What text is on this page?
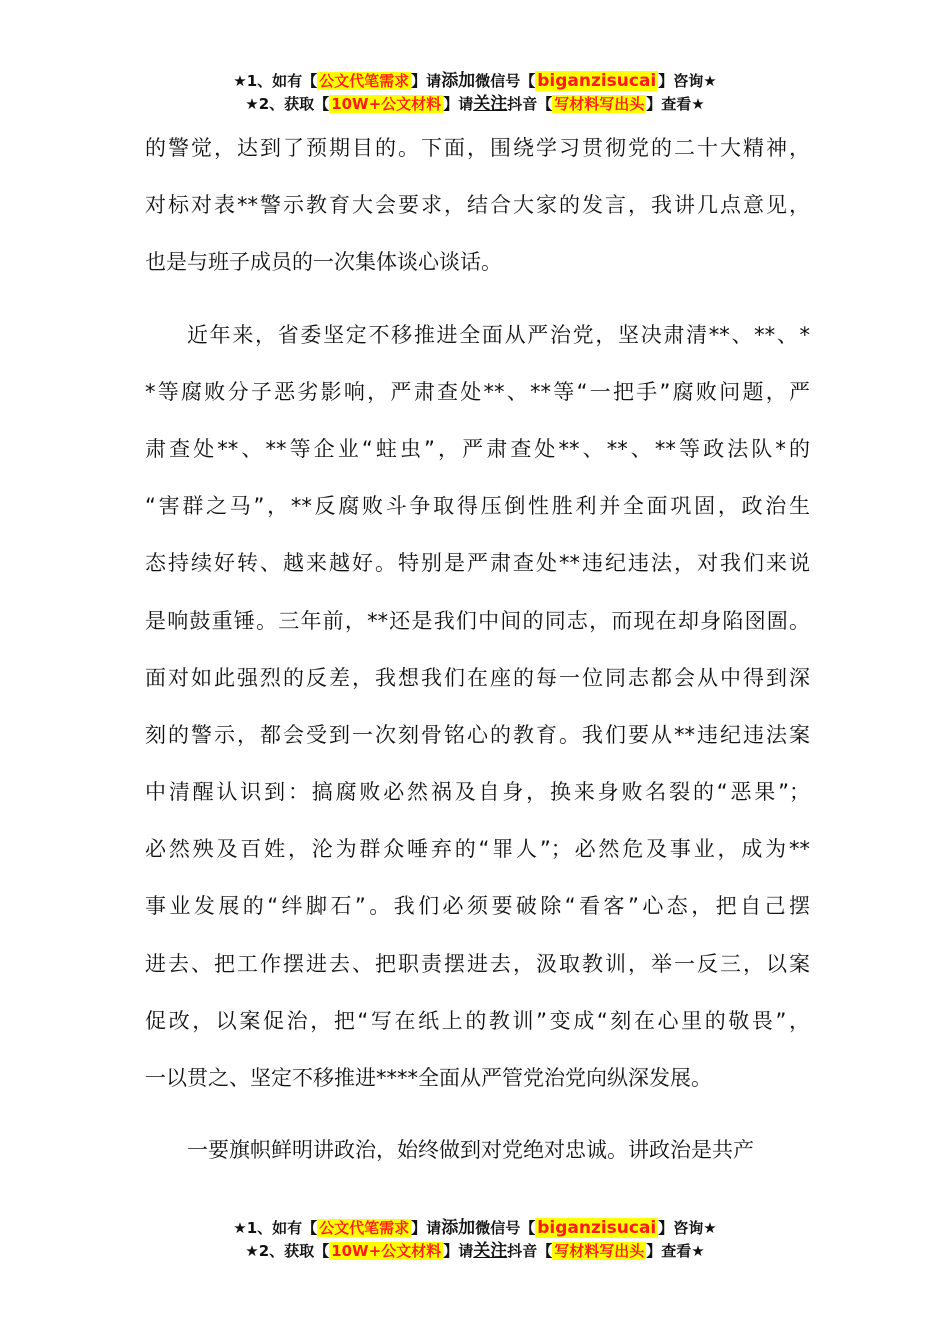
★1、如有【 公文代笔需求 】请添加微信号【 biganzisucai 】咨询★
★2、获取【 10W+公文材料 】请关注抖音【 写材料写出头 】查看★
的警觉，达到了预期目的。下面，围绕学习贯彻党的二十大精神，
对标对表**警示教育大会要求，结合大家的发言，我讲几点意见，
也是与班子成员的一次集体谈心谈话。
近年来，省委坚定不移推进全面从严治党，坚决肃清**、**、*
*等腐败分子恶劣影响，严肃查处**、**等“一把手”腐败问题，严
肃查处**、**等企业“蛀虫”，严肃查处**、**、**等政法队*的
“害群之马”，**反腐败斗争取得压倒性胜利并全面巩固，政治生
态持续好转、越来越好。特别是严肃查处**违纪违法，对我们来说
是响鼓重锤。三年前，**还是我们中间的同志，而现在却身陷囹圄。
面对如此强烈的反差，我想我们在座的每一位同志都会从中得到深
刻的警示，都会受到一次刻骨铭心的教育。我们要从**违纪违法案
中清醒认识到：搞腐败必然祸及自身，换来身败名裂的“恶果”；
必然殃及百姓，沦为群众唾弃的“罪人”；必然危及事业，成为**
事业发展的“绊脚石”。我们必须要破除“看客”心态，把自己摆
进去、把工作摆进去、把职责摆进去，汲取教训，举一反三，以案
促改，以案促治，把“写在纸上的教训”变成“刻在心里的敬畏”，
一以贯之、坚定不移推进****全面从严管党治党向纵深发展。
一要旗帜鲜明讲政治，始终做到对党绝对忠诚。讲政治是共产
★1、如有【 公文代笔需求 】请添加微信号【 biganzisucai 】咨询★
★2、获取【 10W+公文材料 】请关注抖音【 写材料写出头 】查看★
